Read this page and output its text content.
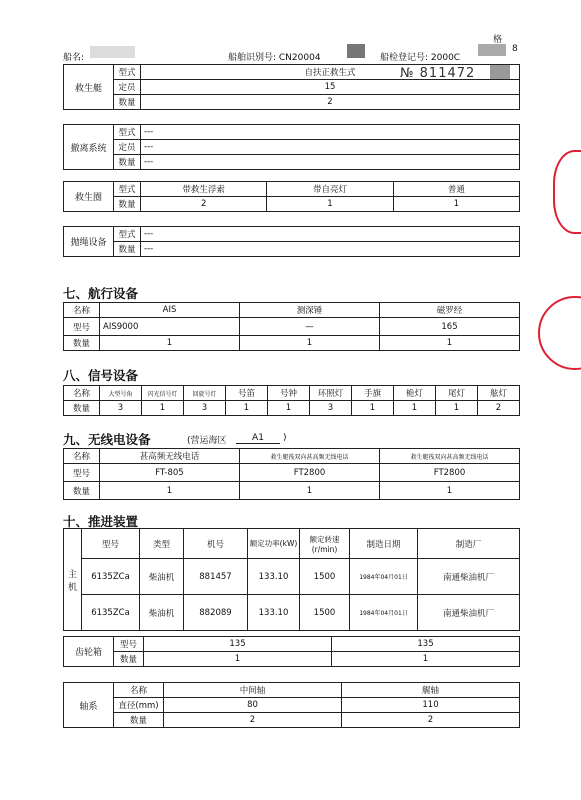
船名:	船舶识别号: CN20004	船检登记号: 2000C
格
8
№ 811472
救生艇	型式	自扶正救生式
	定员	15
	数量	2
撤离系统	型式	---
	定员	---
	数量	---
救生圈	型式	带救生浮索	带自亮灯	普通
	数量	2	1	1
抛绳设备	型式	---
	数量	---
七、航行设备
名称	AIS	测深锤	磁罗经
型号	AIS9000	—	165
数量	1	1	1
八、信号设备
名称	大型号角	闪光信号灯	回旋号灯	号笛	号钟	环照灯	手旗	桅灯	尾灯	舷灯
数量	3	1	3	1	1	3	1	1	1	2
九、无线电设备	(营运海区	A1	)
名称	甚高频无线电话	救生艇筏双向甚高频无线电话	救生艇筏双向甚高频无线电话
型号	FT-805	FT2800	FT2800
数量	1	1	1
十、推进装置
主机	型号	类型	机号	额定功率(kW)	额定转速(r/min)	制造日期	制造厂
	6135ZCa	柴油机	881457	133.10	1500	1984年04月01日	南通柴油机厂
	6135ZCa	柴油机	882089	133.10	1500	1984年04月01日	南通柴油机厂
齿轮箱	型号	135	135
	数量	1	1
轴系	名称	中间轴	艉轴
	直径(mm)	80	110
	数量	2	2
